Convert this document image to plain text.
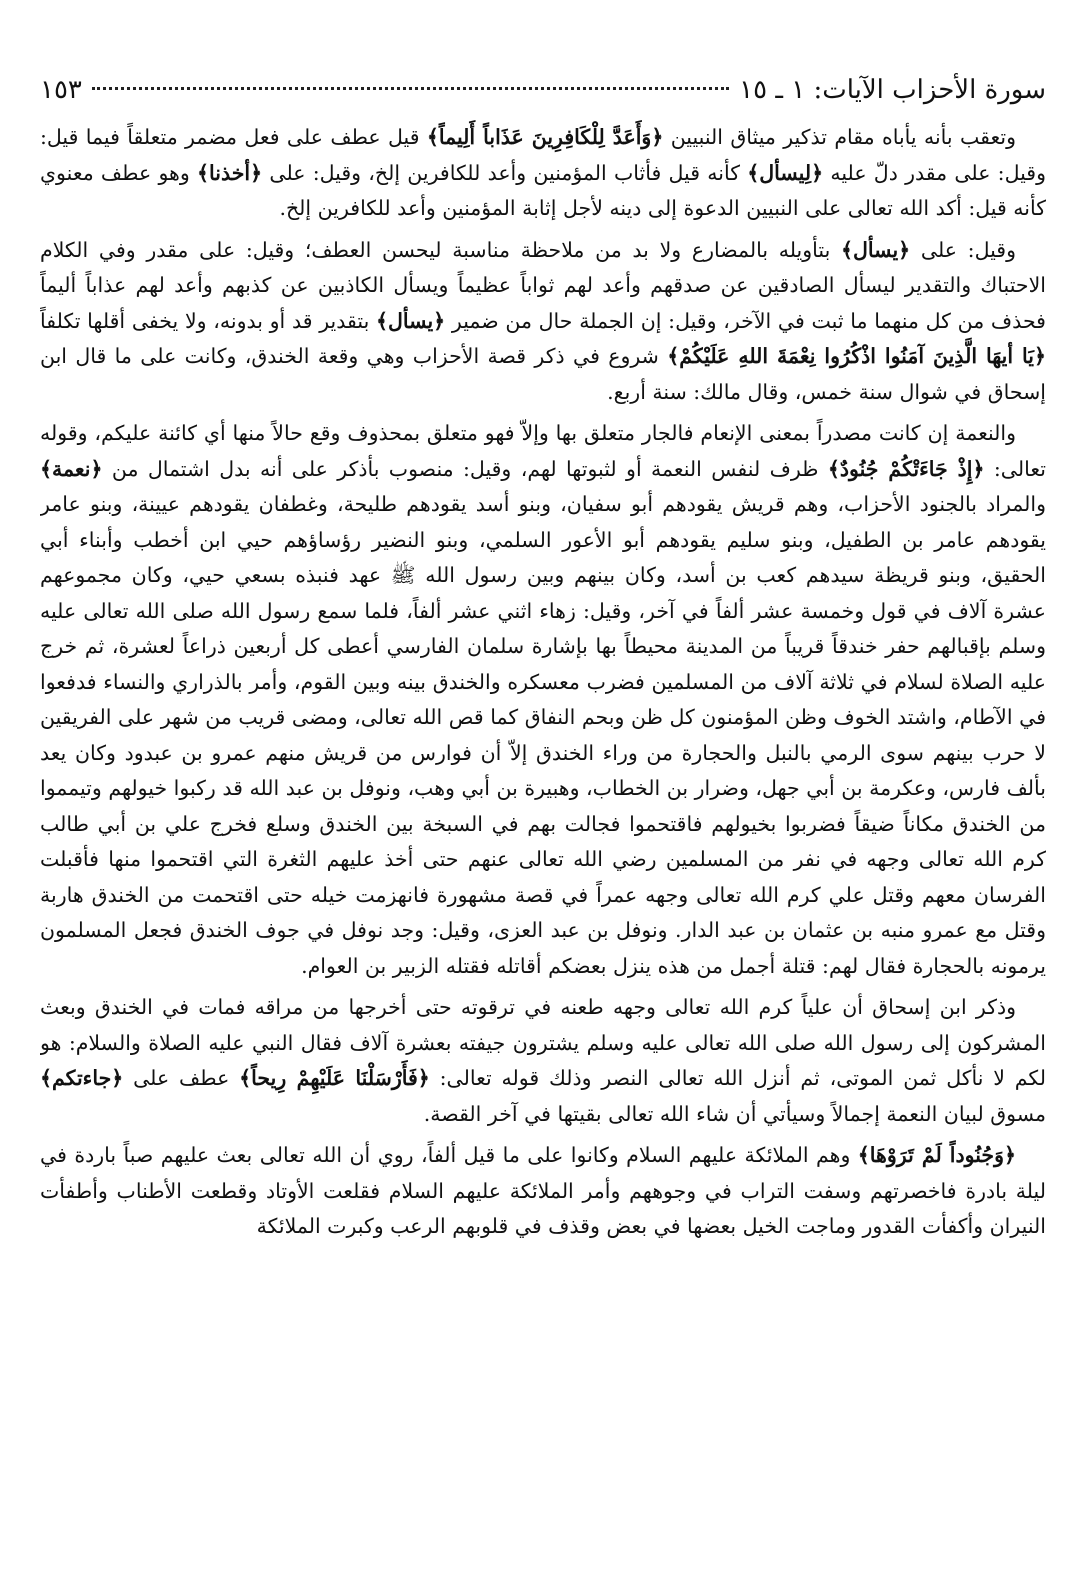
سورة الأحزاب الآيات: ١ ـ ١٥
١٥٣

وتعقب بأنه يأباه مقام تذكير ميثاق النبيين ﴿وَأَعَدَّ لِلْكَافِرِينَ عَذَاباً أَلِيماً﴾ قيل عطف على فعل مضمر متعلقاً فيما قيل: وقيل: على مقدر دلّ عليه ﴿لِيسأل﴾ كأنه قيل فأثاب المؤمنين وأعد للكافرين إلخ، وقيل: على ﴿أخذنا﴾ وهو عطف معنوي كأنه قيل: أكد الله تعالى على النبيين الدعوة إلى دينه لأجل إثابة المؤمنين وأعد للكافرين إلخ.

وقيل: على ﴿يسأل﴾ بتأويله بالمضارع ولا بد من ملاحظة مناسبة ليحسن العطف؛ وقيل: على مقدر وفي الكلام الاحتباك والتقدير ليسأل الصادقين عن صدقهم وأعد لهم ثواباً عظيماً ويسأل الكاذبين عن كذبهم وأعد لهم عذاباً أليماً فحذف من كل منهما ما ثبت في الآخر، وقيل: إن الجملة حال من ضمير ﴿يسأل﴾ بتقدير قد أو بدونه، ولا يخفى أقلها تكلفاً ﴿يَا أيهَا الَّذِينَ آمَنُوا اذْكُرُوا نِعْمَةَ اللهِ عَلَيْكُمْ﴾ شروع في ذكر قصة الأحزاب وهي وقعة الخندق، وكانت على ما قال ابن إسحاق في شوال سنة خمس، وقال مالك: سنة أربع.

والنعمة إن كانت مصدراً بمعنى الإنعام فالجار متعلق بها وإلاّ فهو متعلق بمحذوف وقع حالاً منها أي كائنة عليكم، وقوله تعالى: ﴿إِذْ جَاءَتْكُمْ جُنُودٌ﴾ ظرف لنفس النعمة أو لثبوتها لهم، وقيل: منصوب بأذكر على أنه بدل اشتمال من ﴿نعمة﴾ والمراد بالجنود الأحزاب، وهم قريش يقودهم أبو سفيان، وبنو أسد يقودهم طليحة، وغطفان يقودهم عيينة، وبنو عامر يقودهم عامر بن الطفيل، وبنو سليم يقودهم أبو الأعور السلمي، وبنو النضير رؤساؤهم حيي ابن أخطب وأبناء أبي الحقيق، وبنو قريظة سيدهم كعب بن أسد، وكان بينهم وبين رسول الله ﷺ عهد فنبذه بسعي حيي، وكان مجموعهم عشرة آلاف في قول وخمسة عشر ألفاً في آخر، وقيل: زهاء اثني عشر ألفاً، فلما سمع رسول الله صلى الله تعالى عليه وسلم بإقبالهم حفر خندقاً قريباً من المدينة محيطاً بها بإشارة سلمان الفارسي أعطى كل أربعين ذراعاً لعشرة، ثم خرج عليه الصلاة لسلام في ثلاثة آلاف من المسلمين فضرب معسكره والخندق بينه وبين القوم، وأمر بالذراري والنساء فدفعوا في الآطام، واشتد الخوف وظن المؤمنون كل ظن وبحم النفاق كما قص الله تعالى، ومضى قريب من شهر على الفريقين لا حرب بينهم سوى الرمي بالنبل والحجارة من وراء الخندق إلاّ أن فوارس من قريش منهم عمرو بن عبدود وكان يعد بألف فارس، وعكرمة بن أبي جهل، وضرار بن الخطاب، وهبيرة بن أبي وهب، ونوفل بن عبد الله قد ركبوا خيولهم وتيمموا من الخندق مكاناً ضيقاً فضربوا بخيولهم فاقتحموا فجالت بهم في السبخة بين الخندق وسلع فخرج علي بن أبي طالب كرم الله تعالى وجهه في نفر من المسلمين رضي الله تعالى عنهم حتى أخذ عليهم الثغرة التي اقتحموا منها فأقبلت الفرسان معهم وقتل علي كرم الله تعالى وجهه عمراً في قصة مشهورة فانهزمت خيله حتى اقتحمت من الخندق هاربة وقتل مع عمرو منبه بن عثمان بن عبد الدار. ونوفل بن عبد العزى، وقيل: وجد نوفل في جوف الخندق فجعل المسلمون يرمونه بالحجارة فقال لهم: قتلة أجمل من هذه ينزل بعضكم أقاتله فقتله الزبير بن العوام.

وذكر ابن إسحاق أن علياً كرم الله تعالى وجهه طعنه في ترقوته حتى أخرجها من مراقه فمات في الخندق وبعث المشركون إلى رسول الله صلى الله تعالى عليه وسلم يشترون جيفته بعشرة آلاف فقال النبي عليه الصلاة والسلام: هو لكم لا نأكل ثمن الموتى، ثم أنزل الله تعالى النصر وذلك قوله تعالى: ﴿فَأَرْسَلْنَا عَلَيْهِمْ رِيحاً﴾ عطف على ﴿جاءتكم﴾ مسوق لبيان النعمة إجمالاً وسيأتي أن شاء الله تعالى بقيتها في آخر القصة.

﴿وَجُنُوداً لَمْ تَرَوْهَا﴾ وهم الملائكة عليهم السلام وكانوا على ما قيل ألفاً، روي أن الله تعالى بعث عليهم صباً باردة في ليلة بادرة فاخصرتهم وسفت التراب في وجوههم وأمر الملائكة عليهم السلام فقلعت الأوتاد وقطعت الأطناب وأطفأت النيران وأكفأت القدور وماجت الخيل بعضها في بعض وقذف في قلوبهم الرعب وكبرت الملائكة
